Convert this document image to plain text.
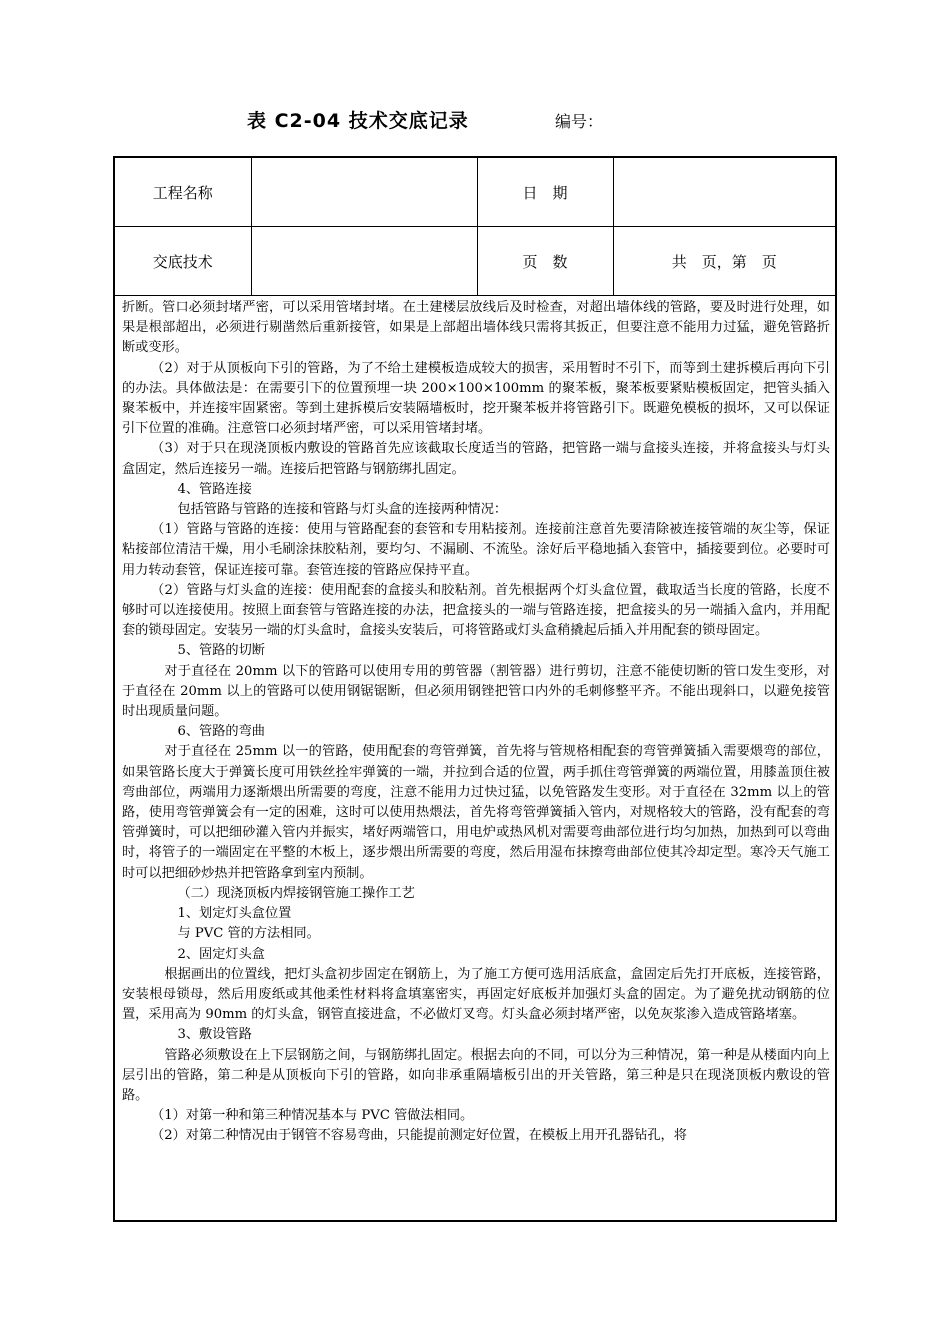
表 C2-04 技术交底记录	编号：
工程名称		日　期	
交底技术		页　数	共　页，第　页

折断。管口必须封堵严密，可以采用管堵封堵。在土建楼层放线后及时检查，对超出墙体线的管路，要及时进行处理，如果是根部超出，必须进行剔凿然后重新接管，如果是上部超出墙体线只需将其扳正，但要注意不能用力过猛，避免管路折断或变形。

（2）对于从顶板向下引的管路，为了不给土建模板造成较大的损害，采用暂时不引下，而等到土建拆模后再向下引的办法。具体做法是：在需要引下的位置预埋一块 200×100×100mm 的聚苯板，聚苯板要紧贴模板固定，把管头插入聚苯板中，并连接牢固紧密。等到土建拆模后安装隔墙板时，挖开聚苯板并将管路引下。既避免模板的损坏，又可以保证引下位置的准确。注意管口必须封堵严密，可以采用管堵封堵。

（3）对于只在现浇顶板内敷设的管路首先应该截取长度适当的管路，把管路一端与盒接头连接，并将盒接头与灯头盒固定，然后连接另一端。连接后把管路与钢筋绑扎固定。

4、管路连接

包括管路与管路的连接和管路与灯头盒的连接两种情况：

（1）管路与管路的连接：使用与管路配套的套管和专用粘接剂。连接前注意首先要清除被连接管端的灰尘等，保证粘接部位清洁干燥，用小毛刷涂抹胶粘剂，要均匀、不漏刷、不流坠。涂好后平稳地插入套管中，插接要到位。必要时可用力转动套管，保证连接可靠。套管连接的管路应保持平直。

（2）管路与灯头盒的连接：使用配套的盒接头和胶粘剂。首先根据两个灯头盒位置，截取适当长度的管路，长度不够时可以连接使用。按照上面套管与管路连接的办法，把盒接头的一端与管路连接，把盒接头的另一端插入盒内，并用配套的锁母固定。安装另一端的灯头盒时，盒接头安装后，可将管路或灯头盒稍撬起后插入并用配套的锁母固定。

5、管路的切断

　对于直径在 20mm 以下的管路可以使用专用的剪管器（割管器）进行剪切，注意不能使切断的管口发生变形，对于直径在 20mm 以上的管路可以使用钢锯锯断，但必须用钢锉把管口内外的毛刺修整平齐。不能出现斜口，以避免接管时出现质量问题。

6、管路的弯曲

　对于直径在 25mm 以一的管路，使用配套的弯管弹簧，首先将与管规格相配套的弯管弹簧插入需要煨弯的部位，如果管路长度大于弹簧长度可用铁丝拴牢弹簧的一端，并拉到合适的位置，两手抓住弯管弹簧的两端位置，用膝盖顶住被弯曲部位，两端用力逐渐煨出所需要的弯度，注意不能用力过快过猛，以免管路发生变形。对于直径在 32mm 以上的管路，使用弯管弹簧会有一定的困难，这时可以使用热煨法，首先将弯管弹簧插入管内，对规格较大的管路，没有配套的弯管弹簧时，可以把细砂灌入管内并振实，堵好两端管口，用电炉或热风机对需要弯曲部位进行均匀加热，加热到可以弯曲时，将管子的一端固定在平整的木板上，逐步煨出所需要的弯度，然后用湿布抹擦弯曲部位使其冷却定型。寒冷天气施工时可以把细砂炒热并把管路拿到室内预制。

（二）现浇顶板内焊接钢管施工操作工艺

1、划定灯头盒位置

与 PVC 管的方法相同。

2、固定灯头盒

　根据画出的位置线，把灯头盒初步固定在钢筋上，为了施工方便可选用活底盒，盒固定后先打开底板，连接管路，安装根母锁母，然后用废纸或其他柔性材料将盒填塞密实，再固定好底板并加强灯头盒的固定。为了避免扰动钢筋的位置，采用高为 90mm 的灯头盒，钢管直接进盒，不必做灯叉弯。灯头盒必须封堵严密，以免灰浆渗入造成管路堵塞。

3、敷设管路

　管路必须敷设在上下层钢筋之间，与钢筋绑扎固定。根据去向的不同，可以分为三种情况，第一种是从楼面内向上层引出的管路，第二种是从顶板向下引的管路，如向非承重隔墙板引出的开关管路，第三种是只在现浇顶板内敷设的管路。

（1）对第一种和第三种情况基本与 PVC 管做法相同。

（2）对第二种情况由于钢管不容易弯曲，只能提前测定好位置，在模板上用开孔器钻孔，将
